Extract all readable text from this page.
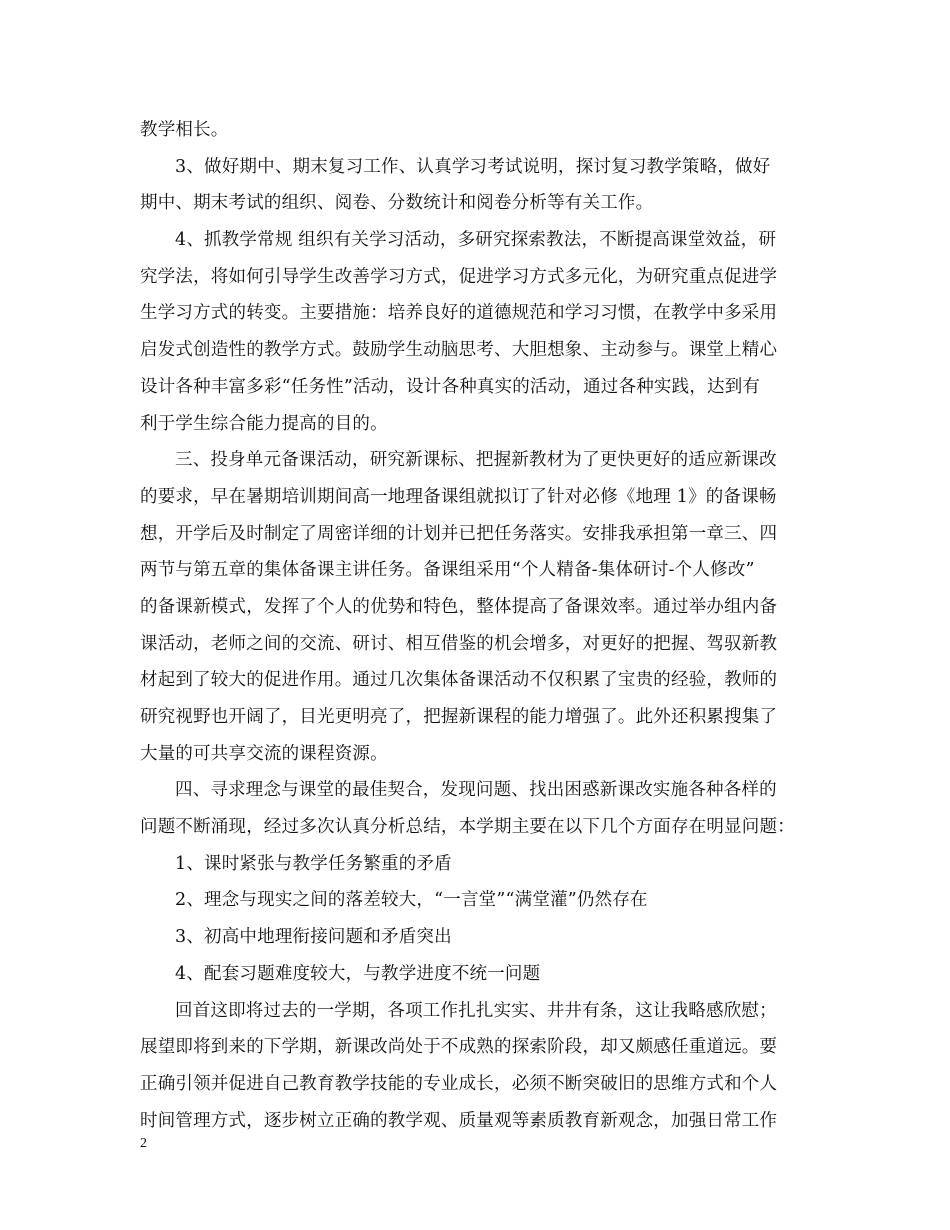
教学相长。
3、做好期中、期末复习工作、认真学习考试说明，探讨复习教学策略，做好
期中、期末考试的组织、阅卷、分数统计和阅卷分析等有关工作。
4、抓教学常规 组织有关学习活动，多研究探索教法，不断提高课堂效益，研
究学法，将如何引导学生改善学习方式，促进学习方式多元化，为研究重点促进学
生学习方式的转变。主要措施：培养良好的道德规范和学习习惯，在教学中多采用
启发式创造性的教学方式。鼓励学生动脑思考、大胆想象、主动参与。课堂上精心
设计各种丰富多彩“任务性”活动，设计各种真实的活动，通过各种实践，达到有
利于学生综合能力提高的目的。
三、投身单元备课活动，研究新课标、把握新教材为了更快更好的适应新课改
的要求，早在暑期培训期间高一地理备课组就拟订了针对必修《地理 1》的备课畅
想，开学后及时制定了周密详细的计划并已把任务落实。安排我承担第一章三、四
两节与第五章的集体备课主讲任务。备课组采用“个人精备-集体研讨-个人修改”
的备课新模式，发挥了个人的优势和特色，整体提高了备课效率。通过举办组内备
课活动，老师之间的交流、研讨、相互借鉴的机会增多，对更好的把握、驾驭新教
材起到了较大的促进作用。通过几次集体备课活动不仅积累了宝贵的经验，教师的
研究视野也开阔了，目光更明亮了，把握新课程的能力增强了。此外还积累搜集了
大量的可共享交流的课程资源。
四、寻求理念与课堂的最佳契合，发现问题、找出困惑新课改实施各种各样的
问题不断涌现，经过多次认真分析总结，本学期主要在以下几个方面存在明显问题：
1、课时紧张与教学任务繁重的矛盾
2、理念与现实之间的落差较大，“一言堂”“满堂灌”仍然存在
3、初高中地理衔接问题和矛盾突出
4、配套习题难度较大，与教学进度不统一问题
回首这即将过去的一学期，各项工作扎扎实实、井井有条，这让我略感欣慰；
展望即将到来的下学期，新课改尚处于不成熟的探索阶段，却又颇感任重道远。要
正确引领并促进自己教育教学技能的专业成长，必须不断突破旧的思维方式和个人
时间管理方式，逐步树立正确的教学观、质量观等素质教育新观念，加强日常工作
2
